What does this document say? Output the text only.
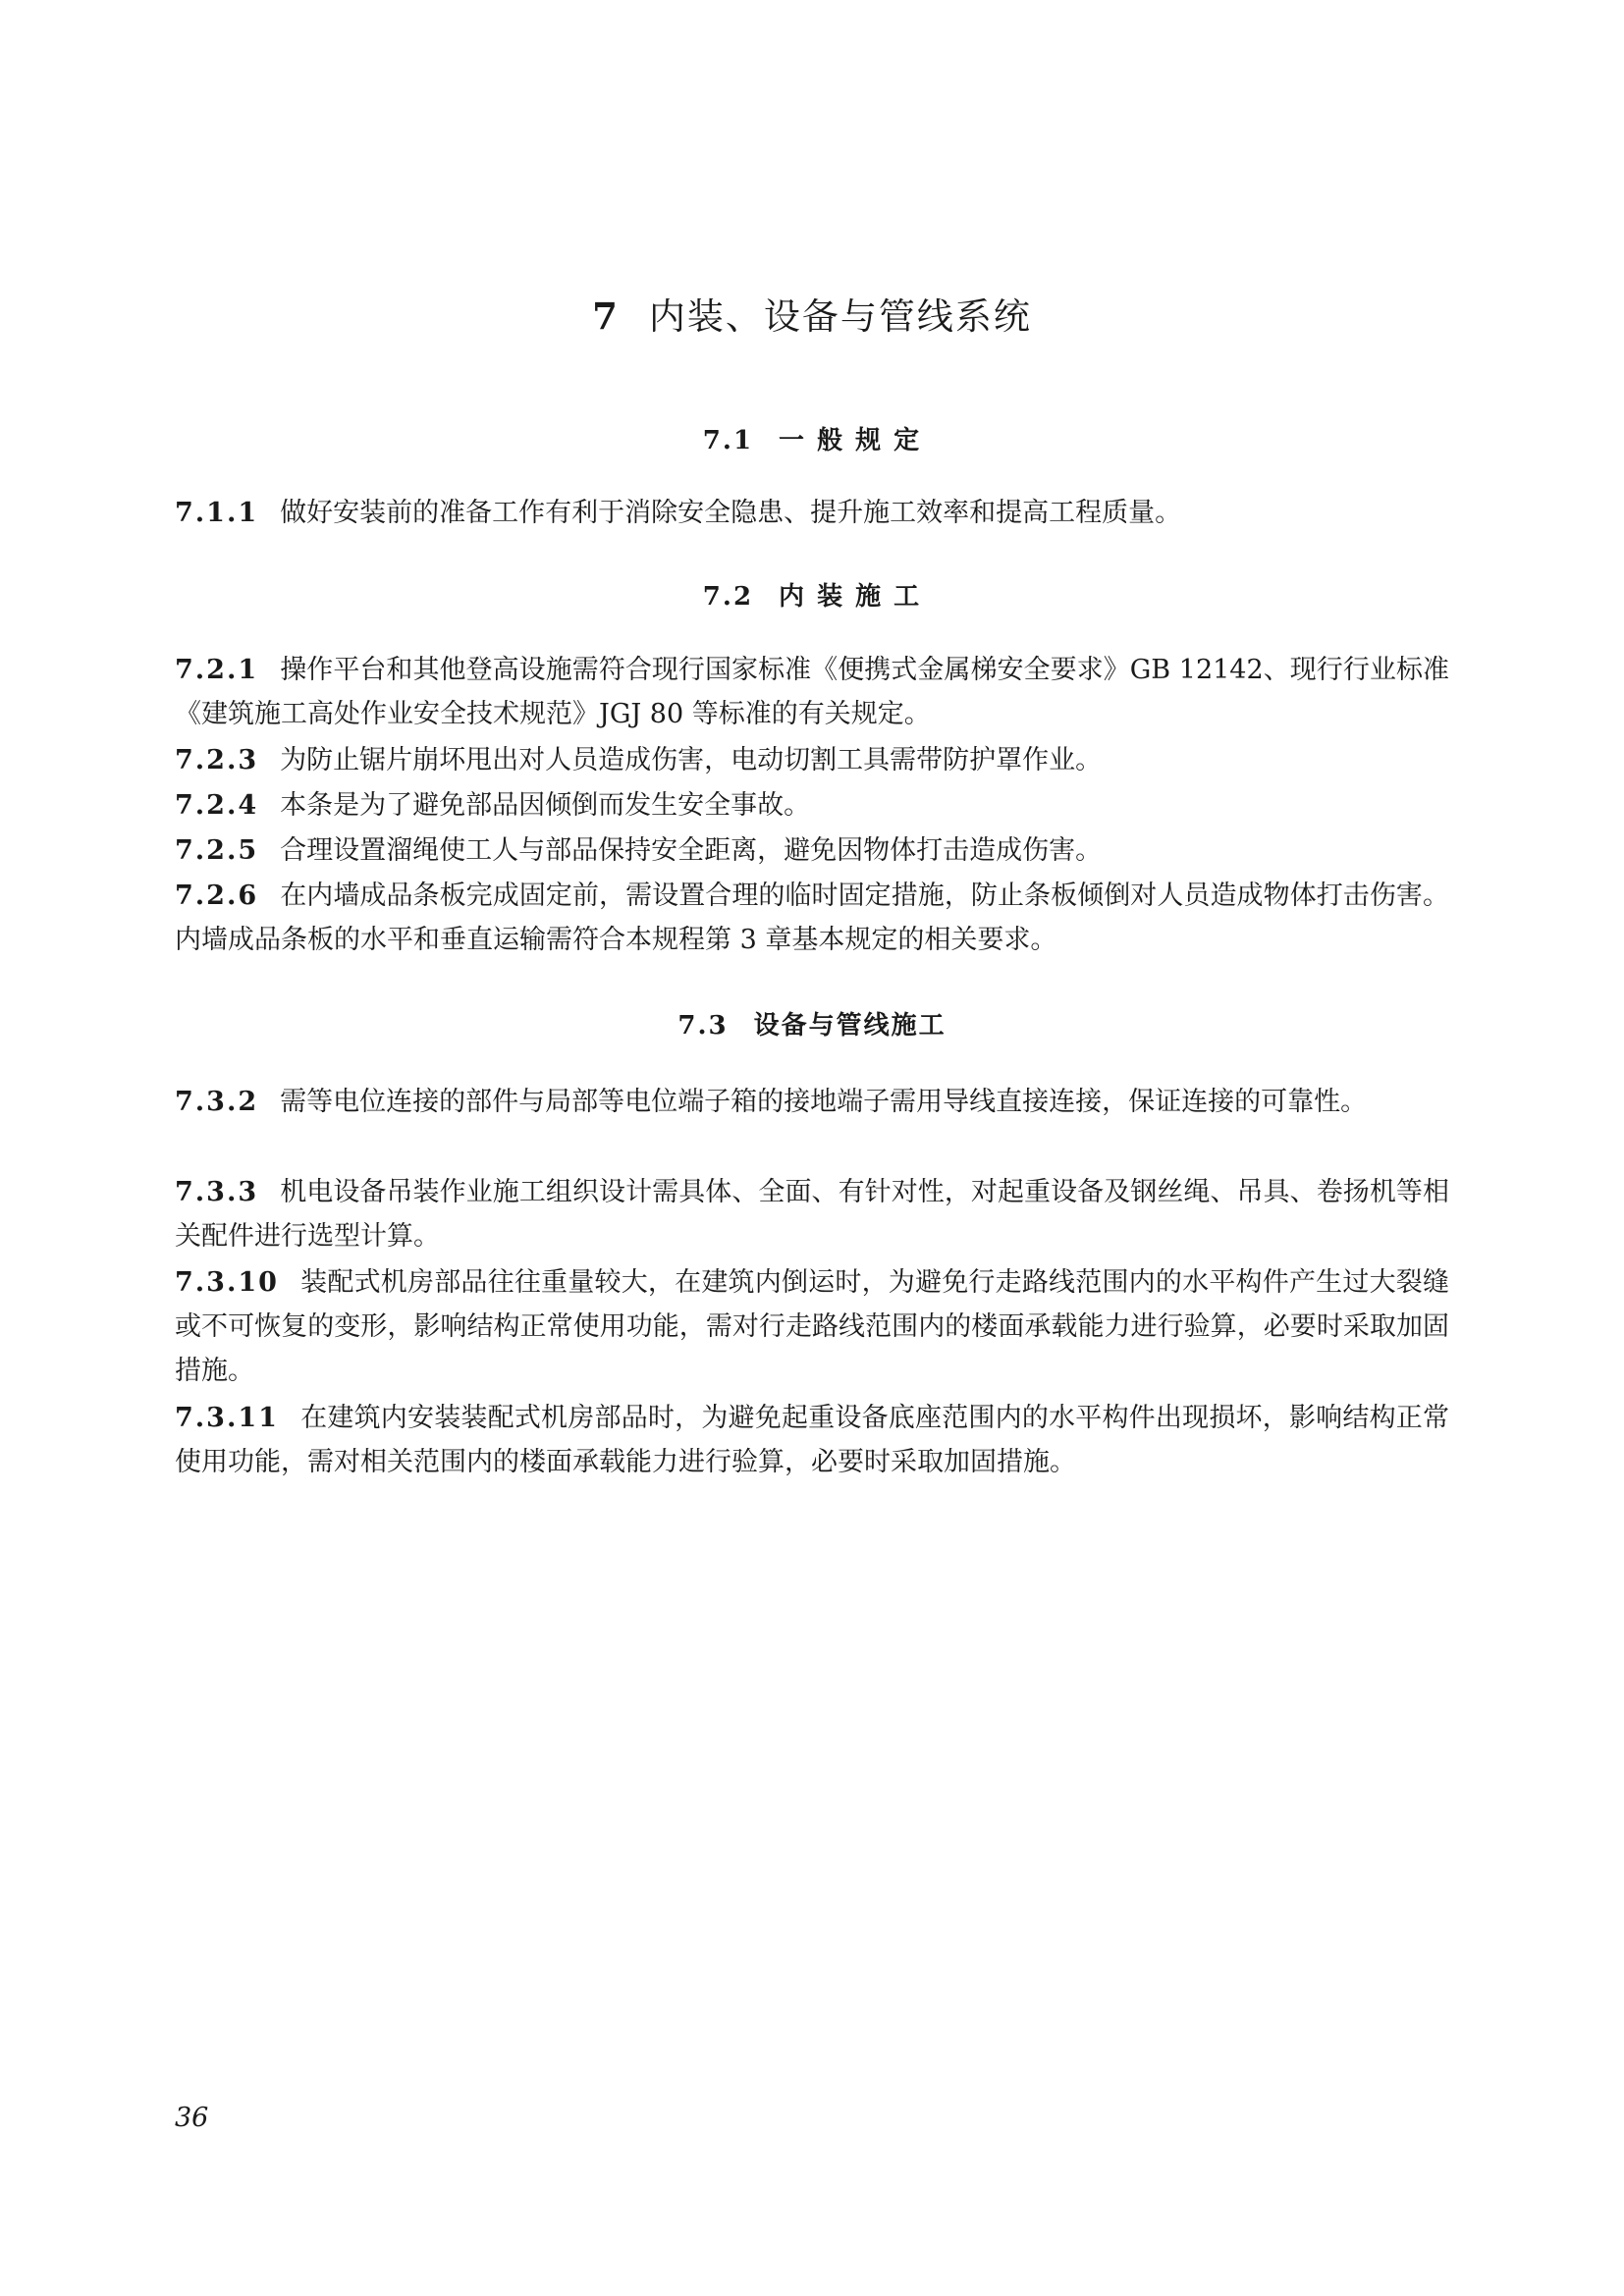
7 内装、设备与管线系统
7.1 一 般 规 定

7.1.1 做好安装前的准备工作有利于消除安全隐患、提升施工效率和提高工程质量。

7.2 内 装 施 工

7.2.1 操作平台和其他登高设施需符合现行国家标准《便携式金属梯安全要求》GB 12142、现行行业标准《建筑施工高处作业安全技术规范》JGJ 80 等标准的有关规定。

7.2.3 为防止锯片崩坏甩出对人员造成伤害，电动切割工具需带防护罩作业。

7.2.4 本条是为了避免部品因倾倒而发生安全事故。

7.2.5 合理设置溜绳使工人与部品保持安全距离，避免因物体打击造成伤害。

7.2.6 在内墙成品条板完成固定前，需设置合理的临时固定措施，防止条板倾倒对人员造成物体打击伤害。内墙成品条板的水平和垂直运输需符合本规程第 3 章基本规定的相关要求。

7.3 设备与管线施工

7.3.2 需等电位连接的部件与局部等电位端子箱的接地端子需用导线直接连接，保证连接的可靠性。

7.3.3 机电设备吊装作业施工组织设计需具体、全面、有针对性，对起重设备及钢丝绳、吊具、卷扬机等相关配件进行选型计算。

7.3.10 装配式机房部品往往重量较大，在建筑内倒运时，为避免行走路线范围内的水平构件产生过大裂缝或不可恢复的变形，影响结构正常使用功能，需对行走路线范围内的楼面承载能力进行验算，必要时采取加固措施。

7.3.11 在建筑内安装装配式机房部品时，为避免起重设备底座范围内的水平构件出现损坏，影响结构正常使用功能，需对相关范围内的楼面承载能力进行验算，必要时采取加固措施。

36
